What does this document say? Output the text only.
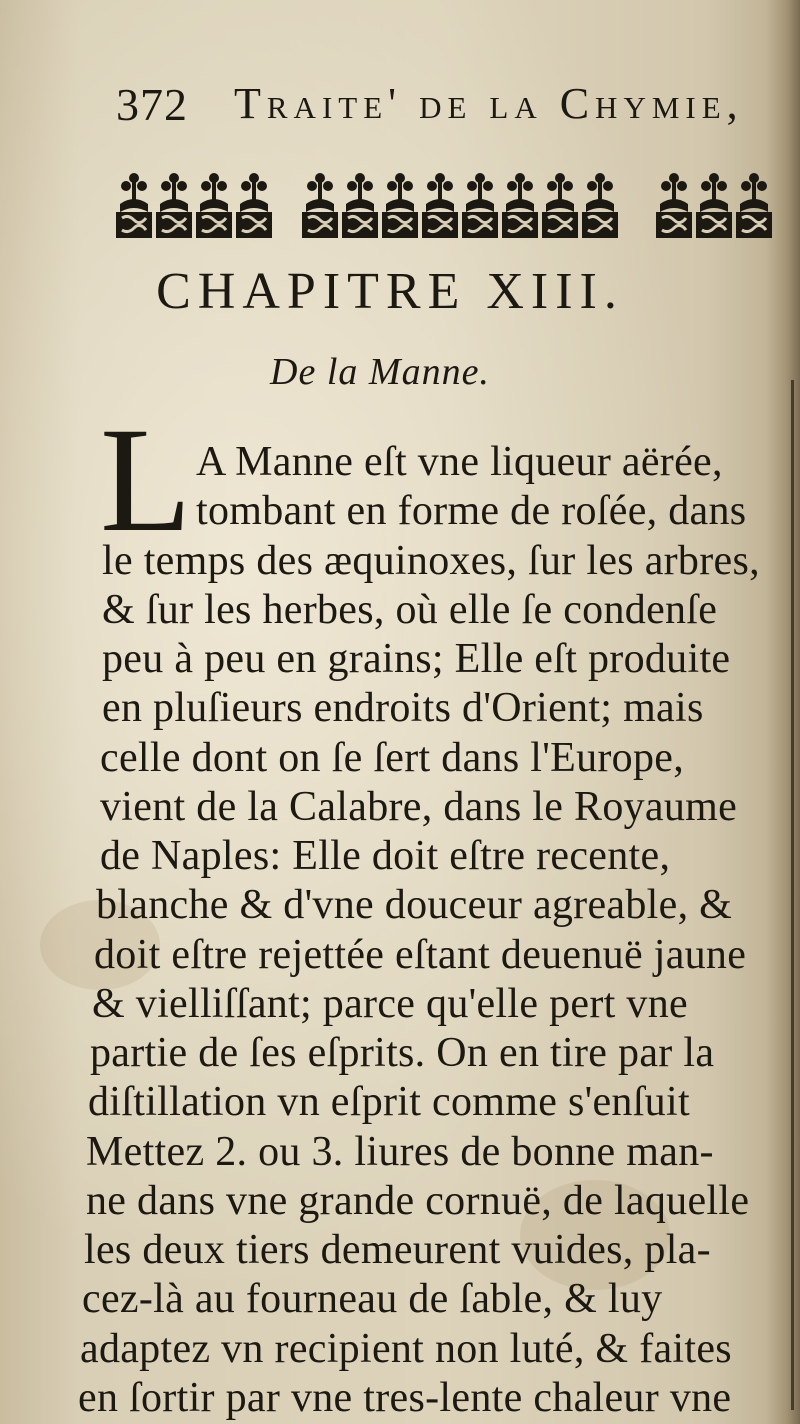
372 Traite' de la Chymie,
CHAPITRE XIII.
De la Manne.
L A Manne eſt vne liqueur aërée,
tombant en forme de roſée, dans
le temps des æquinoxes, ſur les arbres,
& ſur les herbes, où elle ſe condenſe
peu à peu en grains; Elle eſt produite
en pluſieurs endroits d'Orient; mais
celle dont on ſe ſert dans l'Europe,
vient de la Calabre, dans le Royaume
de Naples: Elle doit eſtre recente,
blanche & d'vne douceur agreable, &
doit eſtre rejettée eſtant deuenuë jaune
& vielliſſant; parce qu'elle pert vne
partie de ſes eſprits. On en tire par la
diſtillation vn eſprit comme s'enſuit
Mettez 2. ou 3. liures de bonne man-
ne dans vne grande cornuë, de laquelle
les deux tiers demeurent vuides, pla-
cez-là au fourneau de ſable, & luy
adaptez vn recipient non luté, & faites
en ſortir par vne tres-lente chaleur vne
